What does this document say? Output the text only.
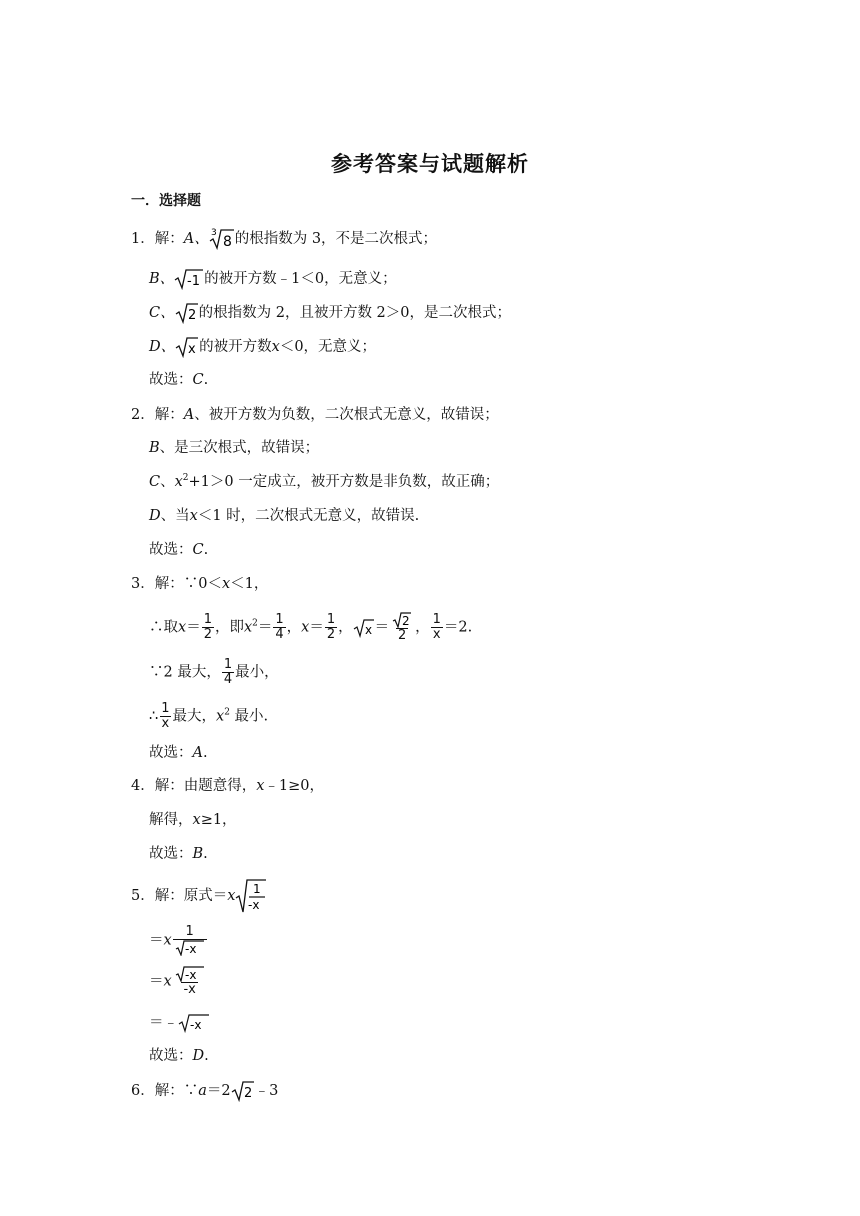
参考答案与试题解析
一．选择题
1．解：A、 3
8 的根指数为 3，不是二次根式；
B、 -1 的被开方数﹣1＜0，无意义；
C、 2 的根指数为 2，且被开方数 2＞0，是二次根式；
D、 x 的被开方数x＜0，无意义；
故选：C.
2．解：A、被开方数为负数，二次根式无意义，故错误；
B、是三次根式，故错误；
C、$x^2+1>0$ 一定成立，被开方数是非负数，故正确；
D、当x＜1 时，二次根式无意义，故错误.
故选：C.
3．解：∵0＜x＜1，
∴取$x= \frac{1}{2}$ ，即$x^2= \frac{1}{4}$ ，$x= \frac{1}{2}$ ， $x = \frac{2}{2}$ ， $\frac{1}{x} =2$.
∵2 最大， $\frac{1}{4}$ 最小，
∴ $\frac{1}{x}$ 最大，$x^2$ 最小.
故选：A.
4．解：由题意得，x﹣1≥0，
解得，x≥1，
故选：B.
5．解：原式＝x 1
-x
$=x \frac{1}{-x}$
$=x \frac{-x}{-x}$
＝﹣ -x
故选：D.
6．解：∵a＝2 2 ﹣3
